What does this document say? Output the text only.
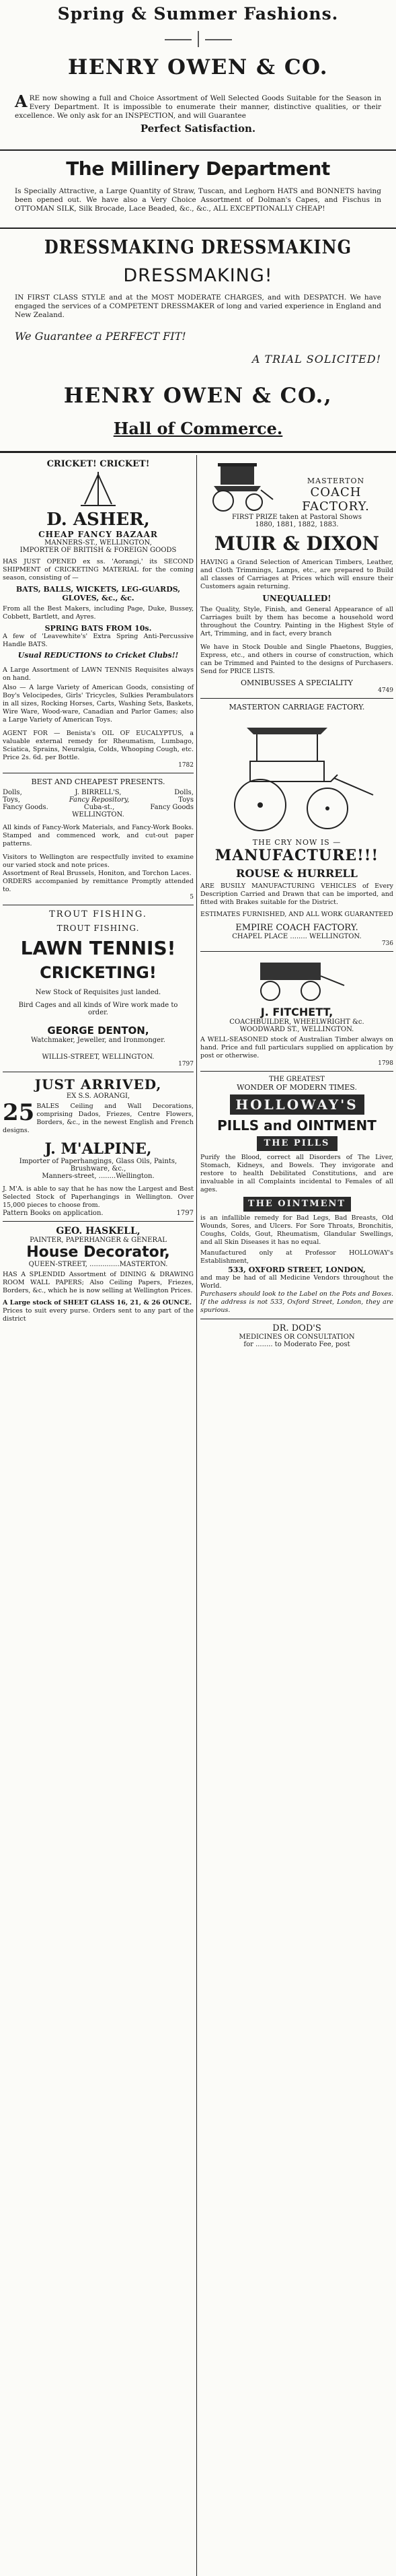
Spring & Summer Fashions.
HENRY OWEN & CO.

ARE now showing a full and Choice Assortment of Well Selected Goods Suitable for the Season in Every Department. It is impossible to enumerate their manner, distinctive qualities, or their excellence. We only ask for an INSPECTION, and will Guarantee

Perfect Satisfaction.
The Millinery Department

Is Specially Attractive, a Large Quantity of Straw, Tuscan, and Leghorn HATS and BONNETS having been opened out. We have also a Very Choice Assortment of Dolman's Capes, and Fischus in OTTOMAN SILK, Silk Brocade, Lace Beaded, &c., &c., ALL EXCEPTIONALLY CHEAP!

DRESSMAKING DRESSMAKING
DRESSMAKING!

IN FIRST CLASS STYLE and at the MOST MODERATE CHARGES, and with DESPATCH. We have engaged the services of a COMPETENT DRESSMAKER of long and varied experience in England and New Zealand.

We Guarantee a PERFECT FIT!
A TRIAL SOLICITED!
HENRY OWEN & CO.,
Hall of Commerce.
CRICKET! CRICKET!
D. ASHER,
CHEAP FANCY BAZAAR
MANNERS-ST., WELLINGTON,
IMPORTER OF BRITISH & FOREIGN GOODS

HAS JUST OPENED ex ss. 'Aorangi,' its SECOND SHIPMENT of CRICKETING MATERIAL for the coming season, consisting of —

BATS, BALLS, WICKETS, LEG-GUARDS, GLOVES, &c., &c.

From all the Best Makers, including Page, Duke, Bussey, Cobbett, Bartlett, and Ayres.

SPRING BATS FROM 10s.

A few of 'Leavewhite's' Extra Spring Anti-Percussive Handle BATS.

Usual REDUCTIONS to Cricket Clubs!!

A Large Assortment of LAWN TENNIS Requisites always on hand.

Also — A large Variety of American Goods, consisting of Boy's Velocipedes, Girls' Tricycles, Sulkies Perambulators in all sizes, Rocking Horses, Carts, Washing Sets, Baskets, Wire Ware, Wood-ware, Canadian and Parlor Games; also a Large Variety of American Toys.

AGENT FOR — Benista's OIL OF EUCALYPTUS, a valuable external remedy for Rheumatism, Lumbago, Sciatica, Sprains, Neuralgia, Colds, Whooping Cough, etc. Price 2s. 6d. per Bottle.

1782
BEST AND CHEAPEST PRESENTS.
Dolls,	J. BIRRELL'S,	Dolls,
Toys,	Fancy Repository,	Toys
Fancy Goods.	Cuba-st.,	Fancy Goods
WELLINGTON.

All kinds of Fancy-Work Materials, and Fancy-Work Books. Stamped and commenced work, and cut-out paper patterns.

Visitors to Wellington are respectfully invited to examine our varied stock and note prices.

Assortment of Real Brussels, Honiton, and Torchon Laces.

ORDERS accompanied by remittance Promptly attended to.

5
TROUT FISHING.
TROUT FISHING.
LAWN TENNIS!
CRICKETING!
New Stock of Requisites just landed.
Bird Cages and all kinds of Wire work made to order.
GEORGE DENTON,
Watchmaker, Jeweller, and Ironmonger.
WILLIS-STREET, WELLINGTON.
1797
JUST ARRIVED,
EX S.S. AORANGI,
25 BALES Ceiling and Wall Decorations, comprising Dados, Friezes, Centre Flowers, Borders, &c., in the newest English and French designs.

J. M'ALPINE,
Importer of Paperhangings, Glass Oils, Paints, Brushware, &c.,
Manners-street, ........Wellington.

J. M'A. is able to say that he has now the Largest and Best Selected Stock of Paperhangings in Wellington. Over 15,000 pieces to choose from.

Pattern Books on application.	1797
GEO. HASKELL,
PAINTER, PAPERHANGER & GENERAL
House Decorator,
QUEEN-STREET, ..............MASTERTON.

HAS A SPLENDID Assortment of DINING & DRAWING ROOM WALL PAPERS; Also Ceiling Papers, Friezes, Borders, &c., which he is now selling at Wellington Prices.

A Large stock of SHEET GLASS 16, 21, & 26 OUNCE.

Prices to suit every purse. Orders sent to any part of the district

MASTERTON
COACH FACTORY.
FIRST PRIZE taken at Pastoral Shows
1880, 1881, 1882, 1883.
MUIR & DIXON

HAVING a Grand Selection of American Timbers, Leather, and Cloth Trimmings, Lamps, etc., are prepared to Build all classes of Carriages at Prices which will ensure their Customers again returning.

UNEQUALLED!

The Quality, Style, Finish, and General Appearance of all Carriages built by them has become a household word throughout the Country. Painting in the Highest Style of Art, Trimming, and in fact, every branch

We have in Stock Double and Single Phaetons, Buggies, Express, etc., and others in course of construction, which can be Trimmed and Painted to the designs of Purchasers. Send for PRICE LISTS.

OMNIBUSSES A SPECIALITY
4749
MASTERTON CARRIAGE FACTORY.
THE CRY NOW IS —
MANUFACTURE!!!
ROUSE & HURRELL

ARE BUSILY MANUFACTURING VEHICLES of Every Description Carried and Drawn that can be imported, and fitted with Brakes suitable for the District.

ESTIMATES FURNISHED, AND ALL WORK GUARANTEED

EMPIRE COACH FACTORY.
CHAPEL PLACE ........ WELLINGTON.
736
J. FITCHETT,
COACHBUILDER, WHEELWRIGHT &c.
WOODWARD ST., WELLINGTON.

A WELL-SEASONED stock of Australian Timber always on hand. Price and full particulars supplied on application by post or otherwise.

1798
THE GREATEST
WONDER OF MODERN TIMES.
HOLLOWAY'S
PILLS and OINTMENT
THE PILLS

Purify the Blood, correct all Disorders of The Liver, Stomach, Kidneys, and Bowels. They invigorate and restore to health Debilitated Constitutions, and are invaluable in all Complaints incidental to Females of all ages.

THE OINTMENT

is an infallible remedy for Bad Legs, Bad Breasts, Old Wounds, Sores, and Ulcers. For Sore Throats, Bronchitis, Coughs, Colds, Gout, Rheumatism, Glandular Swellings, and all Skin Diseases it has no equal.

Manufactured only at Professor HOLLOWAY's Establishment,

533, OXFORD STREET, LONDON,

and may be had of all Medicine Vendors throughout the World.

Purchasers should look to the Label on the Pots and Boxes. If the address is not 533, Oxford Street, London, they are spurious.

DR. DOD'S
MEDICINES OR CONSULTATION
for ........ to Moderato Fee, post
